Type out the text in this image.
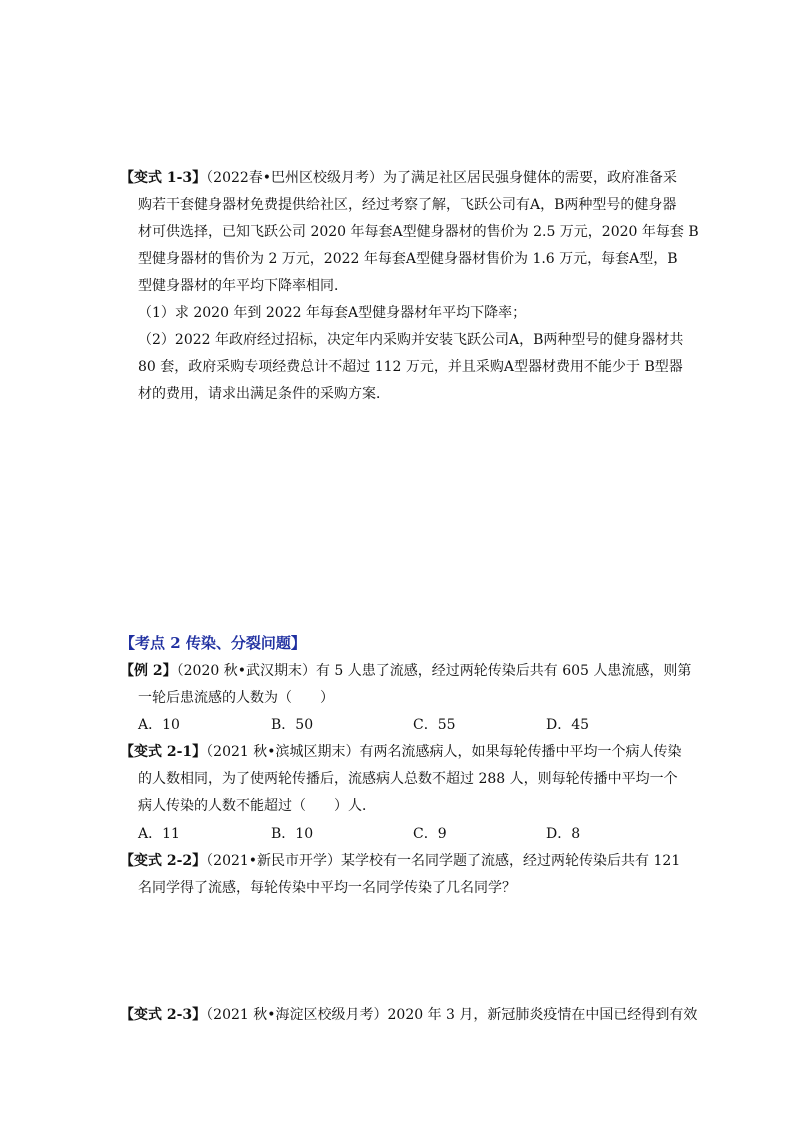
【变式 1-3】（2022春•巴州区校级月考）为了满足社区居民强身健体的需要，政府准备采
购若干套健身器材免费提供给社区，经过考察了解，飞跃公司有A，B两种型号的健身器
材可供选择，已知飞跃公司 2020 年每套A型健身器材的售价为 2.5 万元，2020 年每套 B
型健身器材的售价为 2 万元，2022 年每套A型健身器材售价为 1.6 万元，每套A型，B
型健身器材的年平均下降率相同．
（1）求 2020 年到 2022 年每套A型健身器材年平均下降率；
（2）2022 年政府经过招标，决定年内采购并安装飞跃公司A，B两种型号的健身器材共
80 套，政府采购专项经费总计不超过 112 万元，并且采购A型器材费用不能少于 B型器
材的费用，请求出满足条件的采购方案．
【考点 2 传染、分裂问题】
【例 2】（2020 秋•武汉期末）有 5 人患了流感，经过两轮传染后共有 605 人患流感，则第
一轮后患流感的人数为（　　）
A．10	B．50	C．55	D．45
【变式 2-1】（2021 秋•滨城区期末）有两名流感病人，如果每轮传播中平均一个病人传染
的人数相同，为了使两轮传播后，流感病人总数不超过 288 人，则每轮传播中平均一个
病人传染的人数不能超过（　　）人．
A．11	B．10	C．9	D．8
【变式 2-2】（2021•新民市开学）某学校有一名同学题了流感，经过两轮传染后共有 121
名同学得了流感，每轮传染中平均一名同学传染了几名同学？
【变式 2-3】（2021 秋•海淀区校级月考）2020 年 3 月，新冠肺炎疫情在中国已经得到有效
